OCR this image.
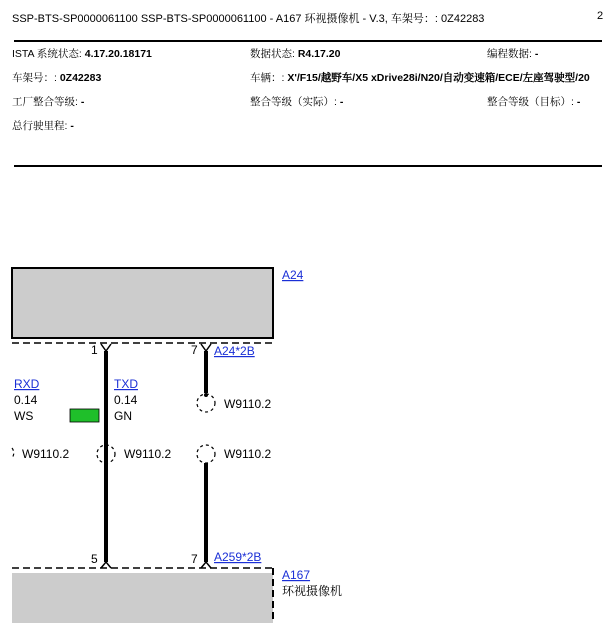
SSP-BTS-SP0000061100 SSP-BTS-SP0000061100 - A167 环视摄像机 - V.3, 车架号：: 0Z42283	2
ISTA 系统状态: 4.17.20.18171	数据状态: R4.17.20	编程数据: -
车架号：: 0Z42283	车辆：: X'/F15/越野车/X5 xDrive28i/N20/自动变速箱/ECE/左座驾驶型/20
工厂整合等级: -	整合等级（实际）: -	整合等级（目标）: -
总行驶里程: -
A24
1	7 A24*2B
RXD
0.14
WS
TXD
0.14
GN
W9110.2
W9110.2	W9110.2	W9110.2
5	7 A259*2B
A167
环视摄像机
